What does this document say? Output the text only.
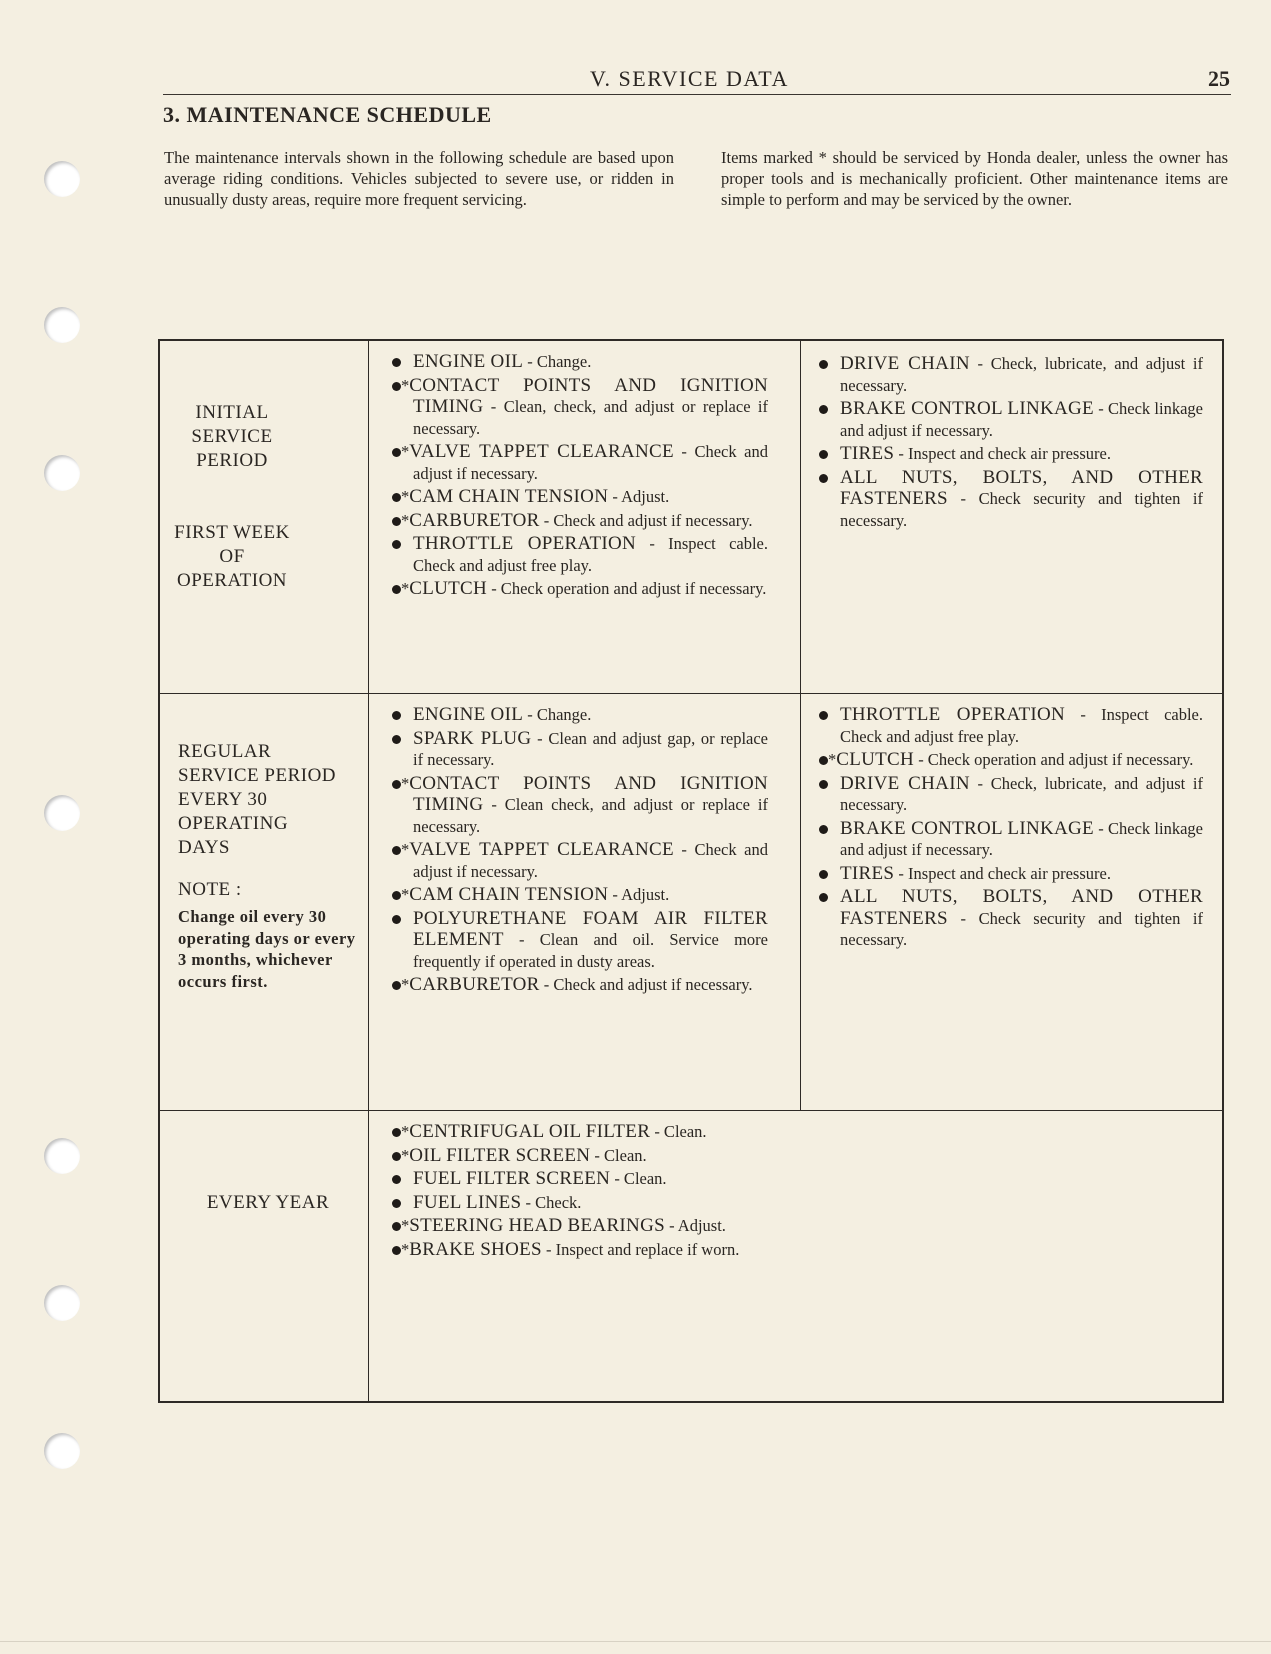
V. SERVICE DATA	25
3. MAINTENANCE SCHEDULE
The maintenance intervals shown in the following schedule are based upon average riding conditions. Vehicles subjected to severe use, or ridden in unusually dusty areas, require more frequent servicing.
Items marked * should be serviced by Honda dealer, unless the owner has proper tools and is mechanically proficient. Other maintenance items are simple to perform and may be serviced by the owner.
INITIAL
SERVICE
PERIOD
FIRST WEEK
OF
OPERATION
ENGINE OIL - Change.
*CONTACT POINTS AND IGNITION TIMING - Clean, check, and adjust or replace if necessary.
*VALVE TAPPET CLEARANCE - Check and adjust if necessary.
*CAM CHAIN TENSION - Adjust.
*CARBURETOR - Check and adjust if necessary.
THROTTLE OPERATION - Inspect cable. Check and adjust free play.
*CLUTCH - Check operation and adjust if necessary.
DRIVE CHAIN - Check, lubricate, and adjust if necessary.
BRAKE CONTROL LINKAGE - Check linkage and adjust if necessary.
TIRES - Inspect and check air pressure.
ALL NUTS, BOLTS, AND OTHER FASTENERS - Check security and tighten if necessary.
REGULAR
SERVICE PERIOD
EVERY 30
OPERATING
DAYS
NOTE :
Change oil every 30 operating days or every 3 months, whichever occurs first.
ENGINE OIL - Change.
SPARK PLUG - Clean and adjust gap, or replace if necessary.
*CONTACT POINTS AND IGNITION TIMING - Clean check, and adjust or replace if necessary.
*VALVE TAPPET CLEARANCE - Check and adjust if necessary.
*CAM CHAIN TENSION - Adjust.
POLYURETHANE FOAM AIR FILTER ELEMENT - Clean and oil. Service more frequently if operated in dusty areas.
*CARBURETOR - Check and adjust if necessary.
THROTTLE OPERATION - Inspect cable. Check and adjust free play.
*CLUTCH - Check operation and adjust if necessary.
DRIVE CHAIN - Check, lubricate, and adjust if necessary.
BRAKE CONTROL LINKAGE - Check linkage and adjust if necessary.
TIRES - Inspect and check air pressure.
ALL NUTS, BOLTS, AND OTHER FASTENERS - Check security and tighten if necessary.
EVERY YEAR
*CENTRIFUGAL OIL FILTER - Clean.
*OIL FILTER SCREEN - Clean.
FUEL FILTER SCREEN - Clean.
FUEL LINES - Check.
*STEERING HEAD BEARINGS - Adjust.
*BRAKE SHOES - Inspect and replace if worn.
